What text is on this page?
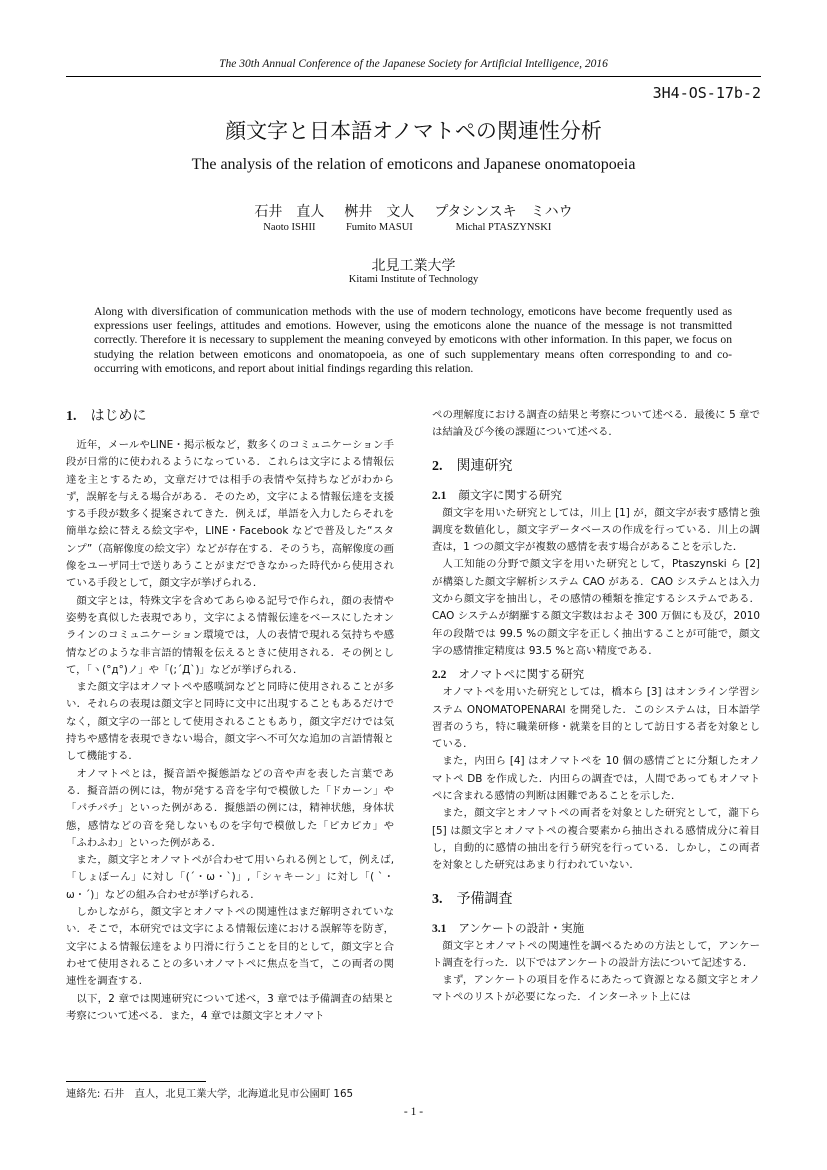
The 30th Annual Conference of the Japanese Society for Artificial Intelligence, 2016
3H4-OS-17b-2
顔文字と日本語オノマトペの関連性分析
The analysis of the relation of emoticons and Japanese onomatopoeia
石井　直人
Naoto ISHII
桝井　文人
Fumito MASUI
プタシンスキ　ミハウ
Michal PTASZYNSKI
北見工業大学
Kitami Institute of Technology

Along with diversification of communication methods with the use of modern technology, emoticons have become frequently used as expressions user feelings, attitudes and emotions. However, using the emoticons alone the nuance of the message is not transmitted correctly. Therefore it is necessary to supplement the meaning conveyed by emoticons with other information. In this paper, we focus on studying the relation between emoticons and onomatopoeia, as one of such supplementary means often corresponding to and co-occurring with emoticons, and report about initial findings regarding this relation.

1. はじめに

近年，メールやLINE・掲示板など，数多くのコミュニケーション手段が日常的に使われるようになっている．これらは文字による情報伝達を主とするため，文章だけでは相手の表情や気持ちなどがわからず，誤解を与える場合がある．そのため，文字による情報伝達を支援する手段が数多く提案されてきた．例えば，単語を入力したらそれを簡単な絵に替える絵文字や，LINE・Facebook などで普及した“スタンプ”（高解像度の絵文字）などが存在する．そのうち，高解像度の画像をユーザ同士で送りあうことがまだできなかった時代から使用されている手段として，顔文字が挙げられる．

顔文字とは，特殊文字を含めてあらゆる記号で作られ，顔の表情や姿勢を真似した表現であり，文字による情報伝達をベースにしたオンラインのコミュニケーション環境では，人の表情で現れる気持ちや感情などのような非言語的情報を伝えるときに使用される．その例として，「ヽ(°д°)ノ」や「(;´Д`)」などが挙げられる．

また顔文字はオノマトペや感嘆詞などと同時に使用されることが多い．それらの表現は顔文字と同時に文中に出現することもあるだけでなく，顔文字の一部として使用されることもあり，顔文字だけでは気持ちや感情を表現できない場合，顔文字へ不可欠な追加の言語情報として機能する．

オノマトペとは，擬音語や擬態語などの音や声を表した言葉である．擬音語の例には，物が発する音を字句で模倣した「ドカーン」や「パチパチ」といった例がある．擬態語の例には，精神状態，身体状態，感情などの音を発しないものを字句で模倣した「ピカピカ」や「ふわふわ」といった例がある．

また，顔文字とオノマトペが合わせて用いられる例として，例えば,「しょぼーん」に対し「(´・ω・`)」,「シャキーン」に対し「( `・ω・´)」などの組み合わせが挙げられる．

しかしながら，顔文字とオノマトペの関連性はまだ解明されていない．そこで，本研究では文字による情報伝達における誤解等を防ぎ，文字による情報伝達をより円滑に行うことを目的として，顔文字と合わせて使用されることの多いオノマトペに焦点を当て，この両者の関連性を調査する．

以下，2 章では関連研究について述べ，3 章では予備調査の結果と考察について述べる．また，4 章では顔文字とオノマト

ペの理解度における調査の結果と考察について述べる．最後に 5 章では結論及び今後の課題について述べる．

2. 関連研究
2.1 顔文字に関する研究

顔文字を用いた研究としては，川上 [1] が，顔文字が表す感情と強調度を数値化し，顔文字データベースの作成を行っている．川上の調査は，1 つの顔文字が複数の感情を表す場合があることを示した．

人工知能の分野で顔文字を用いた研究として，Ptaszynski ら [2] が構築した顔文字解析システム CAO がある．CAO システムとは入力文から顔文字を抽出し，その感情の種類を推定するシステムである．CAO システムが網羅する顔文字数はおよそ 300 万個にも及び，2010 年の段階では 99.5 %の顔文字を正しく抽出することが可能で，顔文字の感情推定精度は 93.5 %と高い精度である．

2.2 オノマトペに関する研究

オノマトペを用いた研究としては，橋本ら [3] はオンライン学習システム ONOMATOPENARAI を開発した．このシステムは，日本語学習者のうち，特に職業研修・就業を目的として訪日する者を対象としている．

また，内田ら [4] はオノマトペを 10 個の感情ごとに分類したオノマトペ DB を作成した．内田らの調査では，人間であってもオノマトペに含まれる感情の判断は困難であることを示した．

また，顔文字とオノマトペの両者を対象とした研究として，瀧下ら [5] は顔文字とオノマトペの複合要素から抽出される感情成分に着目し，自動的に感情の抽出を行う研究を行っている．しかし，この両者を対象とした研究はあまり行われていない．

3. 予備調査
3.1 アンケートの設計・実施

顔文字とオノマトペの関連性を調べるための方法として，アンケート調査を行った．以下ではアンケートの設計方法について記述する．

まず，アンケートの項目を作るにあたって資源となる顔文字とオノマトペのリストが必要になった．インターネット上には

連絡先: 石井　直人，北見工業大学，北海道北見市公園町 165
- 1 -
